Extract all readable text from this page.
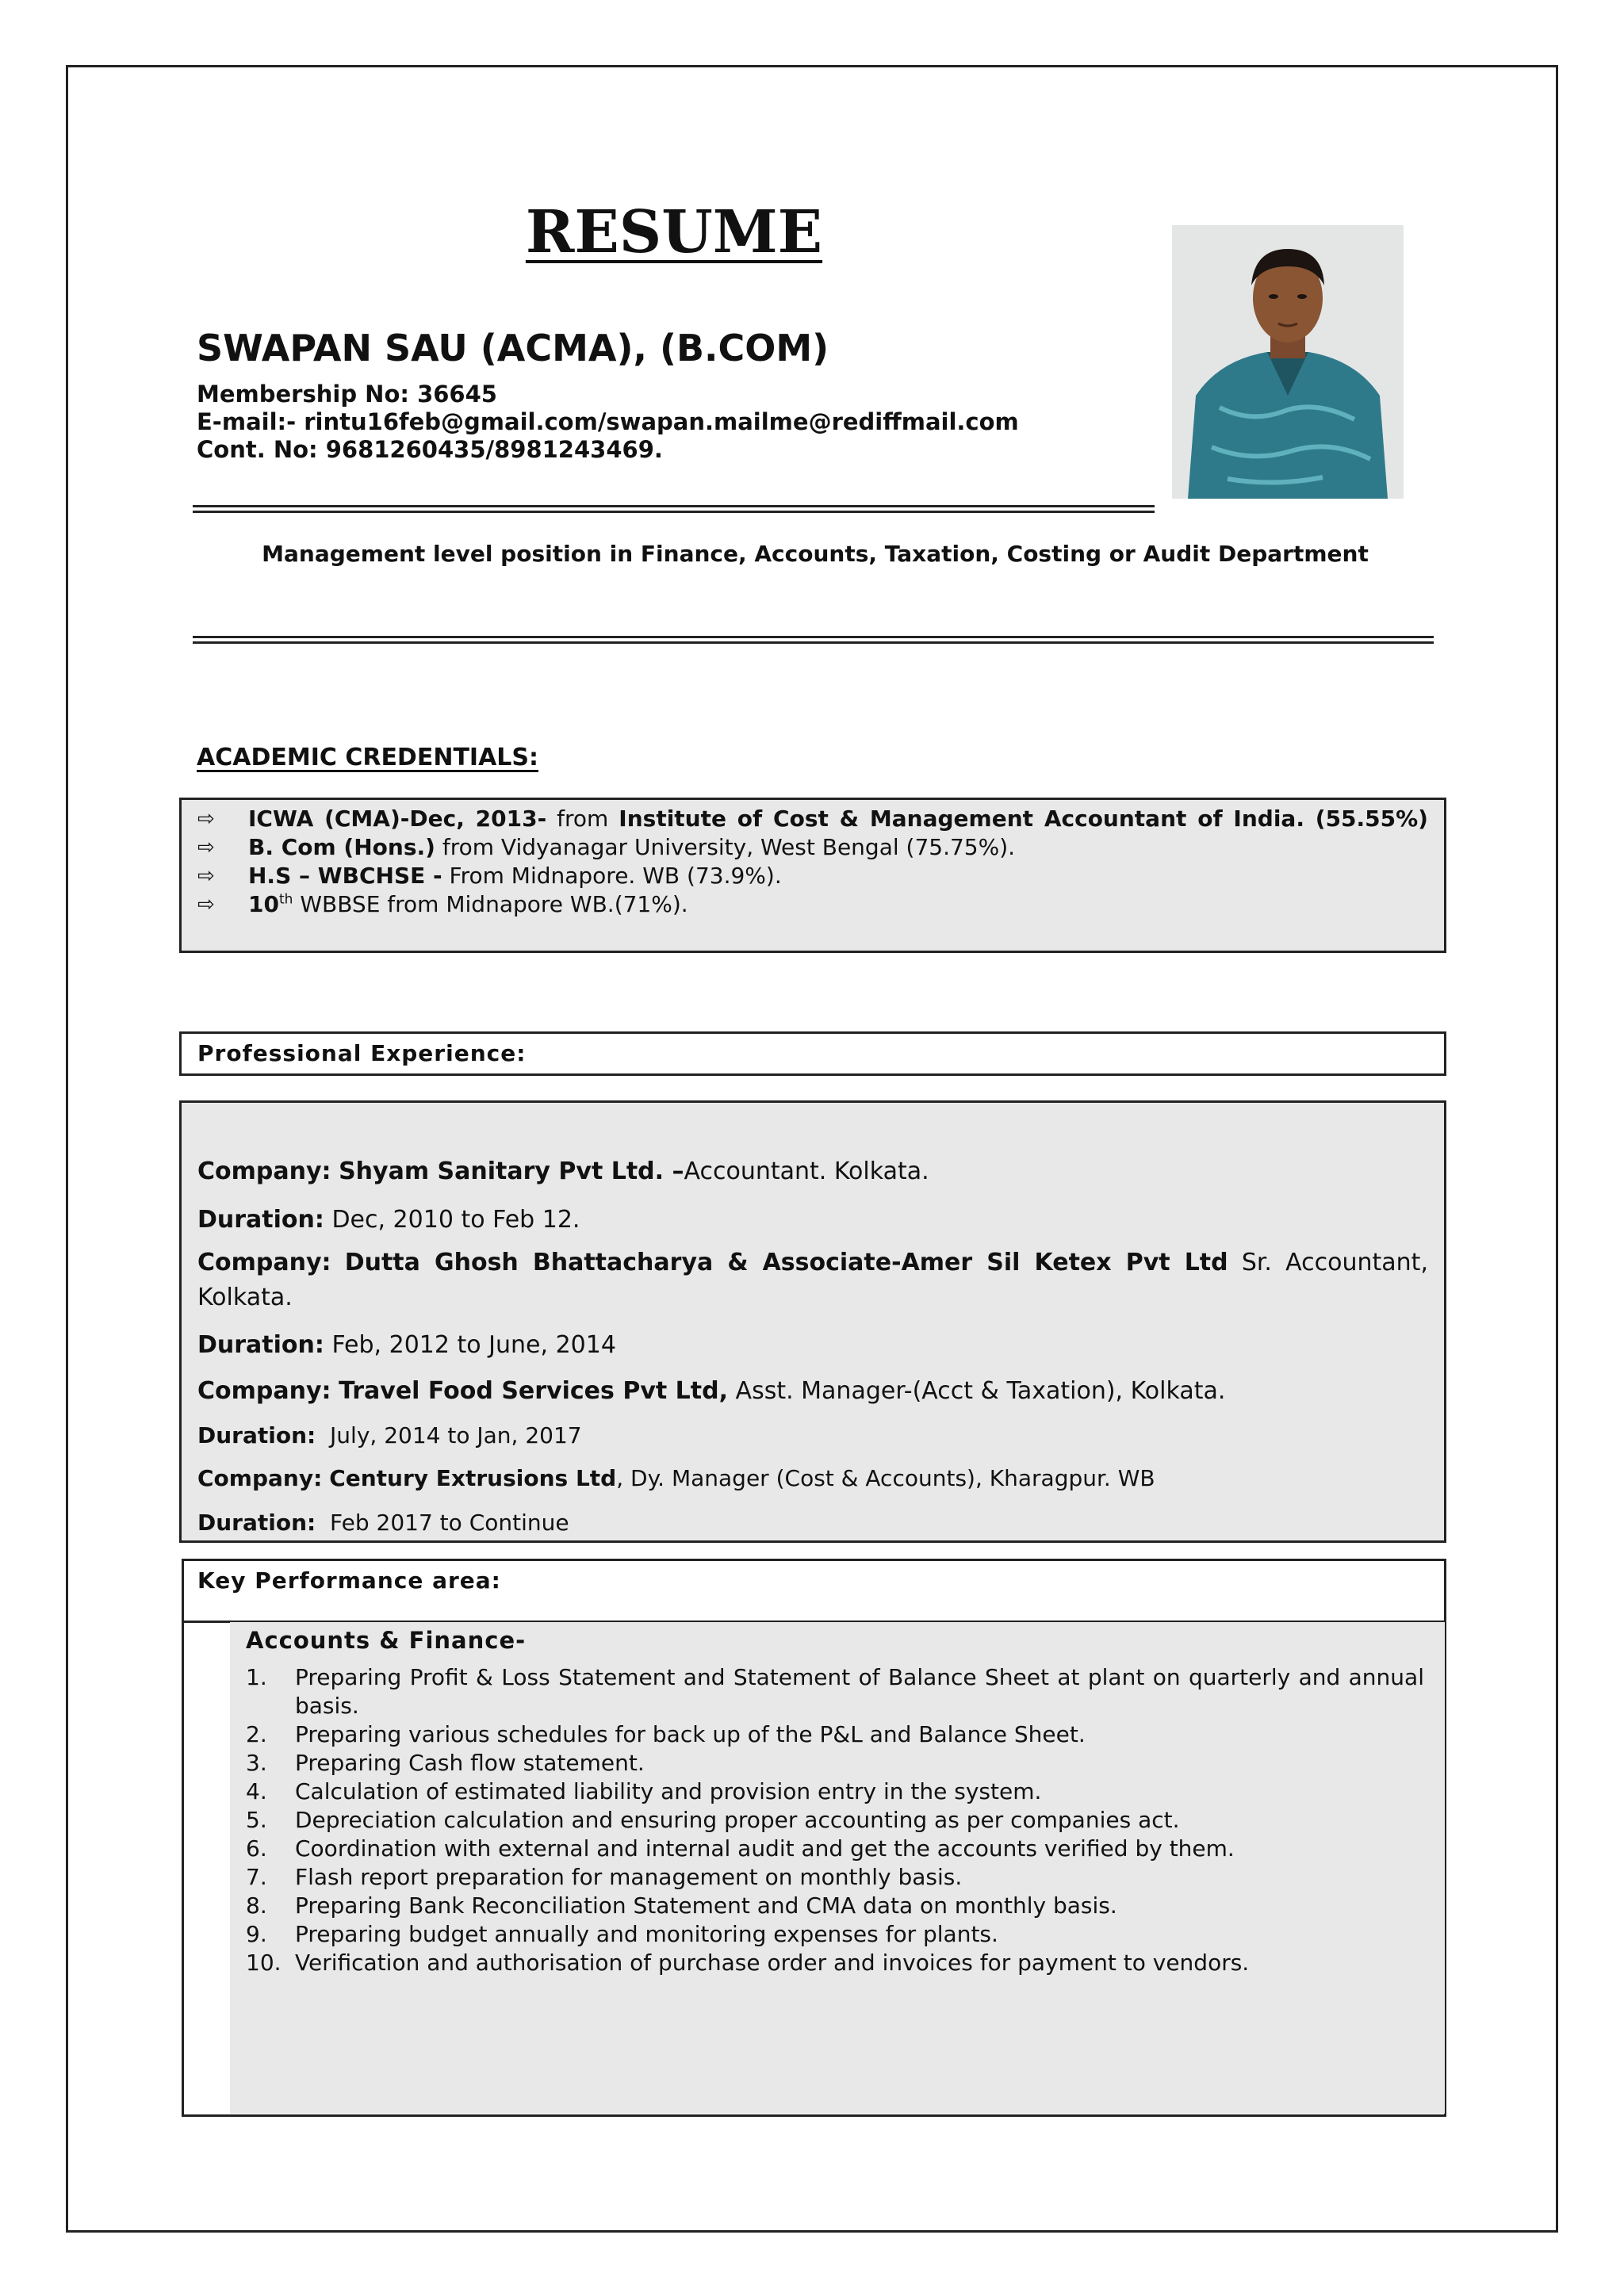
RESUME
SWAPAN SAU (ACMA), (B.COM)
Membership No: 36645
E-mail:- rintu16feb@gmail.com/swapan.mailme@rediffmail.com
Cont. No: 9681260435/8981243469.
Management level position in Finance, Accounts, Taxation, Costing or Audit Department
ACADEMIC CREDENTIALS:
⇨ ICWA (CMA)-Dec, 2013- from Institute of Cost & Management Accountant of India. (55.55%)
⇨ B. Com (Hons.) from Vidyanagar University, West Bengal (75.75%).
⇨ H.S – WBCHSE - From Midnapore. WB (73.9%).
⇨ 10th WBBSE from Midnapore WB.(71%).
Professional Experience:
Company: Shyam Sanitary Pvt Ltd. –Accountant. Kolkata.
Duration: Dec, 2010 to Feb 12.
Company: Dutta Ghosh Bhattacharya & Associate-Amer Sil Ketex Pvt Ltd Sr. Accountant, Kolkata.
Duration: Feb, 2012 to June, 2014
Company: Travel Food Services Pvt Ltd, Asst. Manager-(Acct & Taxation), Kolkata.
Duration: July, 2014 to Jan, 2017
Company: Century Extrusions Ltd, Dy. Manager (Cost & Accounts), Kharagpur. WB
Duration: Feb 2017 to Continue
Key Performance area:
Accounts & Finance-
1. Preparing Profit & Loss Statement and Statement of Balance Sheet at plant on quarterly and annual basis.
2. Preparing various schedules for back up of the P&L and Balance Sheet.
3. Preparing Cash flow statement.
4. Calculation of estimated liability and provision entry in the system.
5. Depreciation calculation and ensuring proper accounting as per companies act.
6. Coordination with external and internal audit and get the accounts verified by them.
7. Flash report preparation for management on monthly basis.
8. Preparing Bank Reconciliation Statement and CMA data on monthly basis.
9. Preparing budget annually and monitoring expenses for plants.
10. Verification and authorisation of purchase order and invoices for payment to vendors.
